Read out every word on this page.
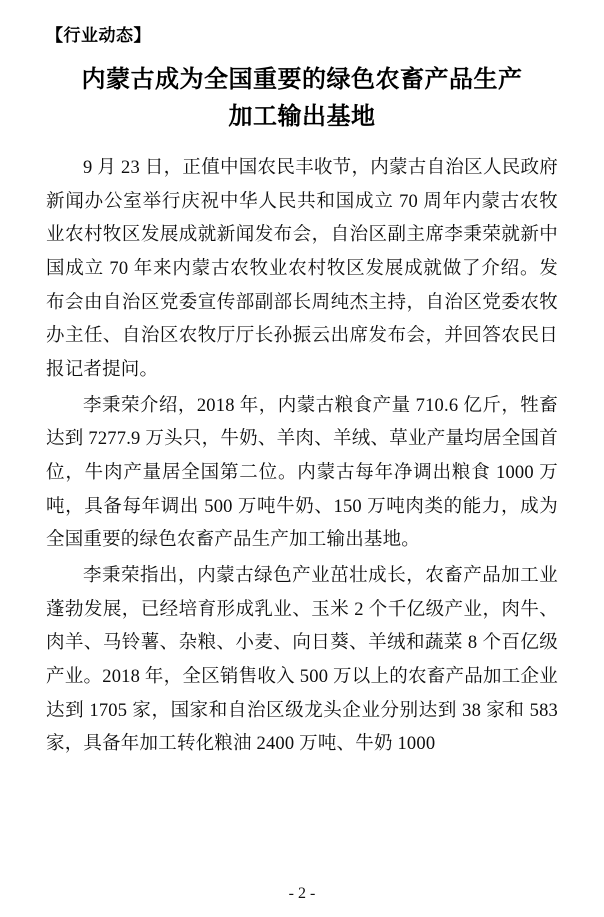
【行业动态】
内蒙古成为全国重要的绿色农畜产品生产
加工输出基地

9 月 23 日，正值中国农民丰收节，内蒙古自治区人民政府新闻办公室举行庆祝中华人民共和国成立 70 周年内蒙古农牧业农村牧区发展成就新闻发布会，自治区副主席李秉荣就新中国成立 70 年来内蒙古农牧业农村牧区发展成就做了介绍。发布会由自治区党委宣传部副部长周纯杰主持，自治区党委农牧办主任、自治区农牧厅厅长孙振云出席发布会，并回答农民日报记者提问。

李秉荣介绍，2018 年，内蒙古粮食产量 710.6 亿斤，牲畜达到 7277.9 万头只，牛奶、羊肉、羊绒、草业产量均居全国首位，牛肉产量居全国第二位。内蒙古每年净调出粮食 1000 万吨，具备每年调出 500 万吨牛奶、150 万吨肉类的能力，成为全国重要的绿色农畜产品生产加工输出基地。

李秉荣指出，内蒙古绿色产业茁壮成长，农畜产品加工业蓬勃发展，已经培育形成乳业、玉米 2 个千亿级产业，肉牛、肉羊、马铃薯、杂粮、小麦、向日葵、羊绒和蔬菜 8 个百亿级产业。2018 年，全区销售收入 500 万以上的农畜产品加工企业达到 1705 家，国家和自治区级龙头企业分别达到 38 家和 583 家，具备年加工转化粮油 2400 万吨、牛奶 1000

- 2 -
